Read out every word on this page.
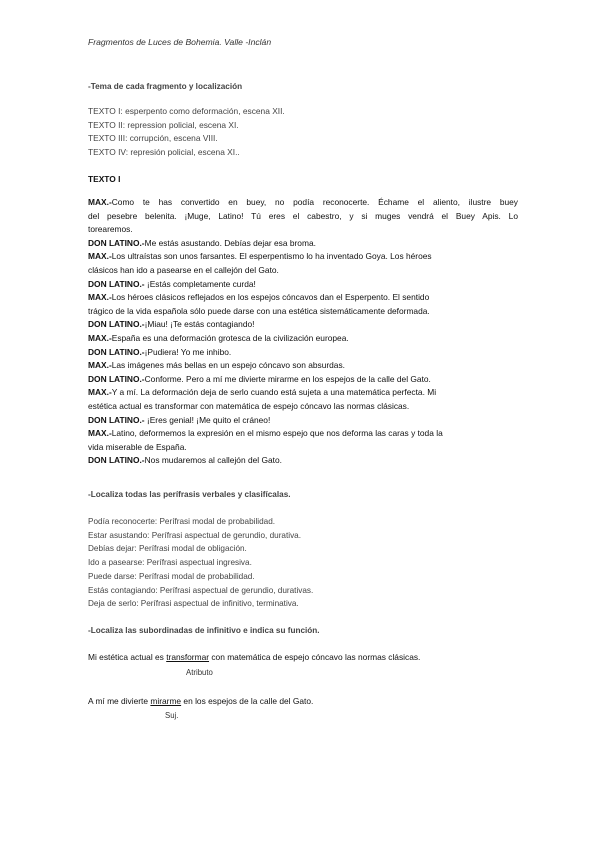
Fragmentos de Luces de Bohemia. Valle -Inclán
-Tema de cada fragmento y localización
TEXTO I: esperpento como deformación, escena XII.
TEXTO II: repression policial, escena XI.
TEXTO III: corrupción, escena VIII.
TEXTO IV: represión policial, escena XI..
TEXTO I
MAX.-Como te has convertido en buey, no podía reconocerte. Échame el aliento, ilustre buey
del pesebre belenita. ¡Muge, Latino! Tú eres el cabestro, y si muges vendrá el Buey Apis. Lo
torearemos.
DON LATINO.-Me estás asustando. Debías dejar esa broma.
MAX.-Los ultraístas son unos farsantes. El esperpentismo lo ha inventado Goya. Los héroes
clásicos han ido a pasearse en el callejón del Gato.
DON LATINO.- ¡Estás completamente curda!
MAX.-Los héroes clásicos reflejados en los espejos cóncavos dan el Esperpento. El sentido
trágico de la vida española sólo puede darse con una estética sistemáticamente deformada.
DON LATINO.-¡Miau! ¡Te estás contagiando!
MAX.-España es una deformación grotesca de la civilización europea.
DON LATINO.-¡Pudiera! Yo me inhibo.
MAX.-Las imágenes más bellas en un espejo cóncavo son absurdas.
DON LATINO.-Conforme. Pero a mí me divierte mirarme en los espejos de la calle del Gato.
MAX.-Y a mí. La deformación deja de serlo cuando está sujeta a una matemática perfecta. Mi
estética actual es transformar con matemática de espejo cóncavo las normas clásicas.
DON LATINO.- ¡Eres genial! ¡Me quito el cráneo!
MAX.-Latino, deformemos la expresión en el mismo espejo que nos deforma las caras y toda la
vida miserable de España.
DON LATINO.-Nos mudaremos al callejón del Gato.
-Localiza todas las perífrasis verbales y clasifícalas.
Podía reconocerte: Perífrasi modal de probabilidad.
Estar asustando: Perífrasi aspectual de gerundio, durativa.
Debías dejar: Perífrasi modal de obligación.
Ido a pasearse: Perífrasi aspectual ingresiva.
Puede darse: Perífrasi modal de probabilidad.
Estás contagiando: Perífrasi aspectual de gerundio, durativas.
Deja de serlo: Perífrasi aspectual de infinitivo, terminativa.
-Localiza las subordinadas de infinitivo e indica su función.
Mi estética actual es transformar con matemática de espejo cóncavo las normas clásicas.
Atributo
A mí me divierte mirarme en los espejos de la calle del Gato.
Suj.
